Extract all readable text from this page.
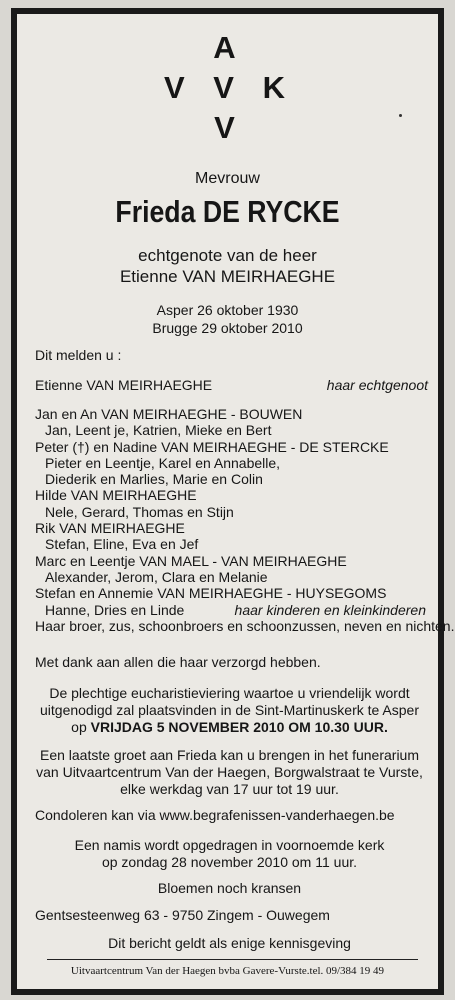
A
V V K
V
Mevrouw
Frieda DE RYCKE
echtgenote van de heer
Etienne VAN MEIRHAEGHE
Asper 26 oktober 1930
Brugge 29 oktober 2010
Dit melden u :
Etienne VAN MEIRHAEGHE	haar echtgenoot
Jan en An VAN MEIRHAEGHE - BOUWEN
Jan, Leent je, Katrien, Mieke en Bert
Peter (†) en Nadine VAN MEIRHAEGHE - DE STERCKE
Pieter en Leentje, Karel en Annabelle,
Diederik en Marlies, Marie en Colin
Hilde VAN MEIRHAEGHE
Nele, Gerard, Thomas en Stijn
Rik VAN MEIRHAEGHE
Stefan, Eline, Eva en Jef
Marc en Leentje VAN MAEL - VAN MEIRHAEGHE
Alexander, Jerom, Clara en Melanie
Stefan en Annemie VAN MEIRHAEGHE - HUYSEGOMS
Hanne, Dries en Linde	haar kinderen en kleinkinderen
Haar broer, zus, schoonbroers en schoonzussen, neven en nichten.
Met dank aan allen die haar verzorgd hebben.
De plechtige eucharistieviering waartoe u vriendelijk wordt
uitgenodigd zal plaatsvinden in de Sint-Martinuskerk te Asper
op VRIJDAG 5 NOVEMBER 2010 OM 10.30 UUR.
Een laatste groet aan Frieda kan u brengen in het funerarium
van Uitvaartcentrum Van der Haegen, Borgwalstraat te Vurste,
elke werkdag van 17 uur tot 19 uur.
Condoleren kan via www.begrafenissen-vanderhaegen.be
Een namis wordt opgedragen in voornoemde kerk
op zondag 28 november 2010 om 11 uur.
Bloemen noch kransen
Gentsesteenweg 63 - 9750 Zingem - Ouwegem
Dit bericht geldt als enige kennisgeving
Uitvaartcentrum Van der Haegen bvba Gavere-Vurste.tel. 09/384 19 49
